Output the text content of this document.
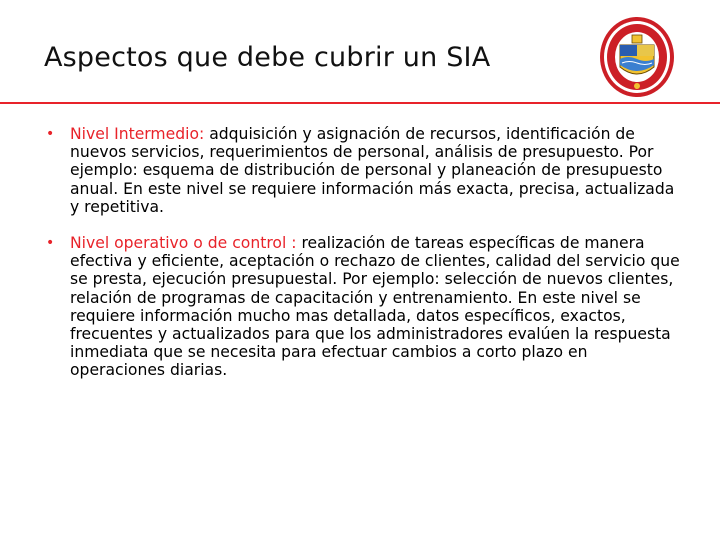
Aspectos que debe cubrir un SIA
• Nivel Intermedio: adquisición y asignación de recursos, identificación de nuevos servicios, requerimientos de personal, análisis de presupuesto. Por ejemplo: esquema de distribución de personal y planeación de presupuesto anual. En este nivel se requiere información más exacta, precisa, actualizada y repetitiva.
• Nivel operativo o de control : realización de tareas específicas de manera efectiva y eficiente, aceptación o rechazo de clientes, calidad del servicio que se presta, ejecución presupuestal. Por ejemplo: selección de nuevos clientes, relación de programas de capacitación y entrenamiento. En este nivel se requiere información mucho mas detallada, datos específicos, exactos, frecuentes y actualizados para que los administradores evalúen la respuesta inmediata que se necesita para efectuar cambios a corto plazo en operaciones diarias.
